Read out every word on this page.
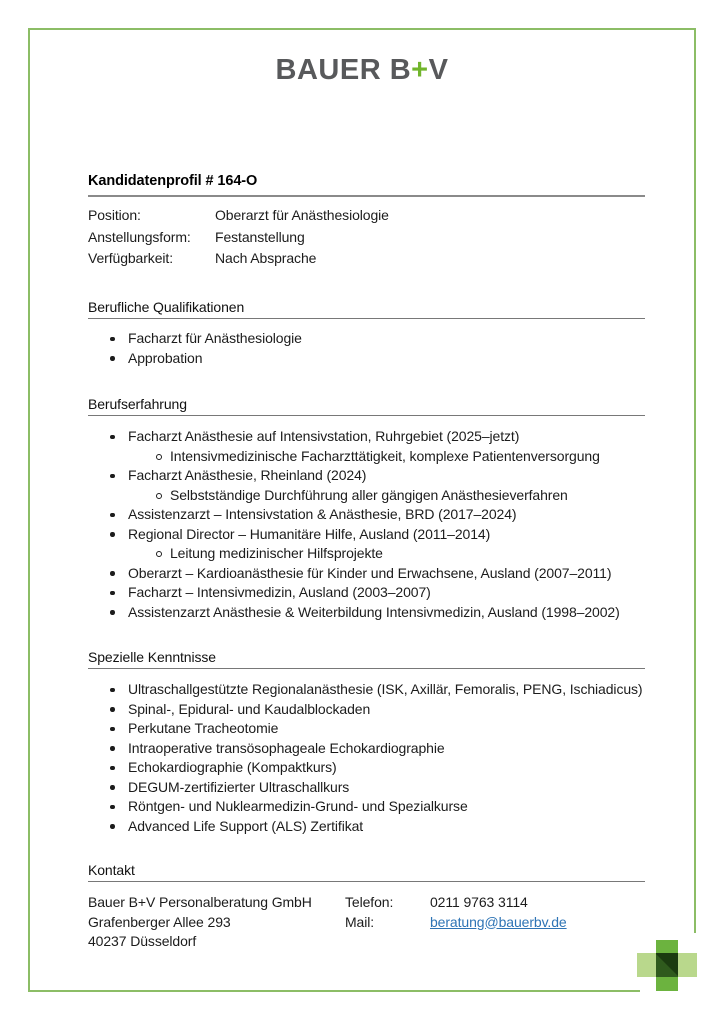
BAUER B+V
Kandidatenprofil # 164-O
Position:	Oberarzt für Anästhesiologie
Anstellungsform: Festanstellung
Verfügbarkeit:	Nach Absprache
Berufliche Qualifikationen
Facharzt für Anästhesiologie
Approbation
Berufserfahrung
Facharzt Anästhesie auf Intensivstation, Ruhrgebiet (2025–jetzt)
Intensivmedizinische Facharzttätigkeit, komplexe Patientenversorgung
Facharzt Anästhesie, Rheinland (2024)
Selbstständige Durchführung aller gängigen Anästhesieverfahren
Assistenzarzt – Intensivstation & Anästhesie, BRD (2017–2024)
Regional Director – Humanitäre Hilfe, Ausland (2011–2014)
Leitung medizinischer Hilfsprojekte
Oberarzt – Kardioanästhesie für Kinder und Erwachsene, Ausland (2007–2011)
Facharzt – Intensivmedizin, Ausland (2003–2007)
Assistenzarzt Anästhesie & Weiterbildung Intensivmedizin, Ausland (1998–2002)
Spezielle Kenntnisse
Ultraschallgestützte Regionalanästhesie (ISK, Axillär, Femoralis, PENG, Ischiadicus)
Spinal-, Epidural- und Kaudalblockaden
Perkutane Tracheotomie
Intraoperative transösophageale Echokardiographie
Echokardiographie (Kompaktkurs)
DEGUM-zertifizierter Ultraschallkurs
Röntgen- und Nuklearmedizin-Grund- und Spezialkurse
Advanced Life Support (ALS) Zertifikat
Kontakt
Bauer B+V Personalberatung GmbH
Grafenberger Allee 293
40237 Düsseldorf
Telefon:	0211 9763 3114
Mail:	beratung@bauerbv.de
